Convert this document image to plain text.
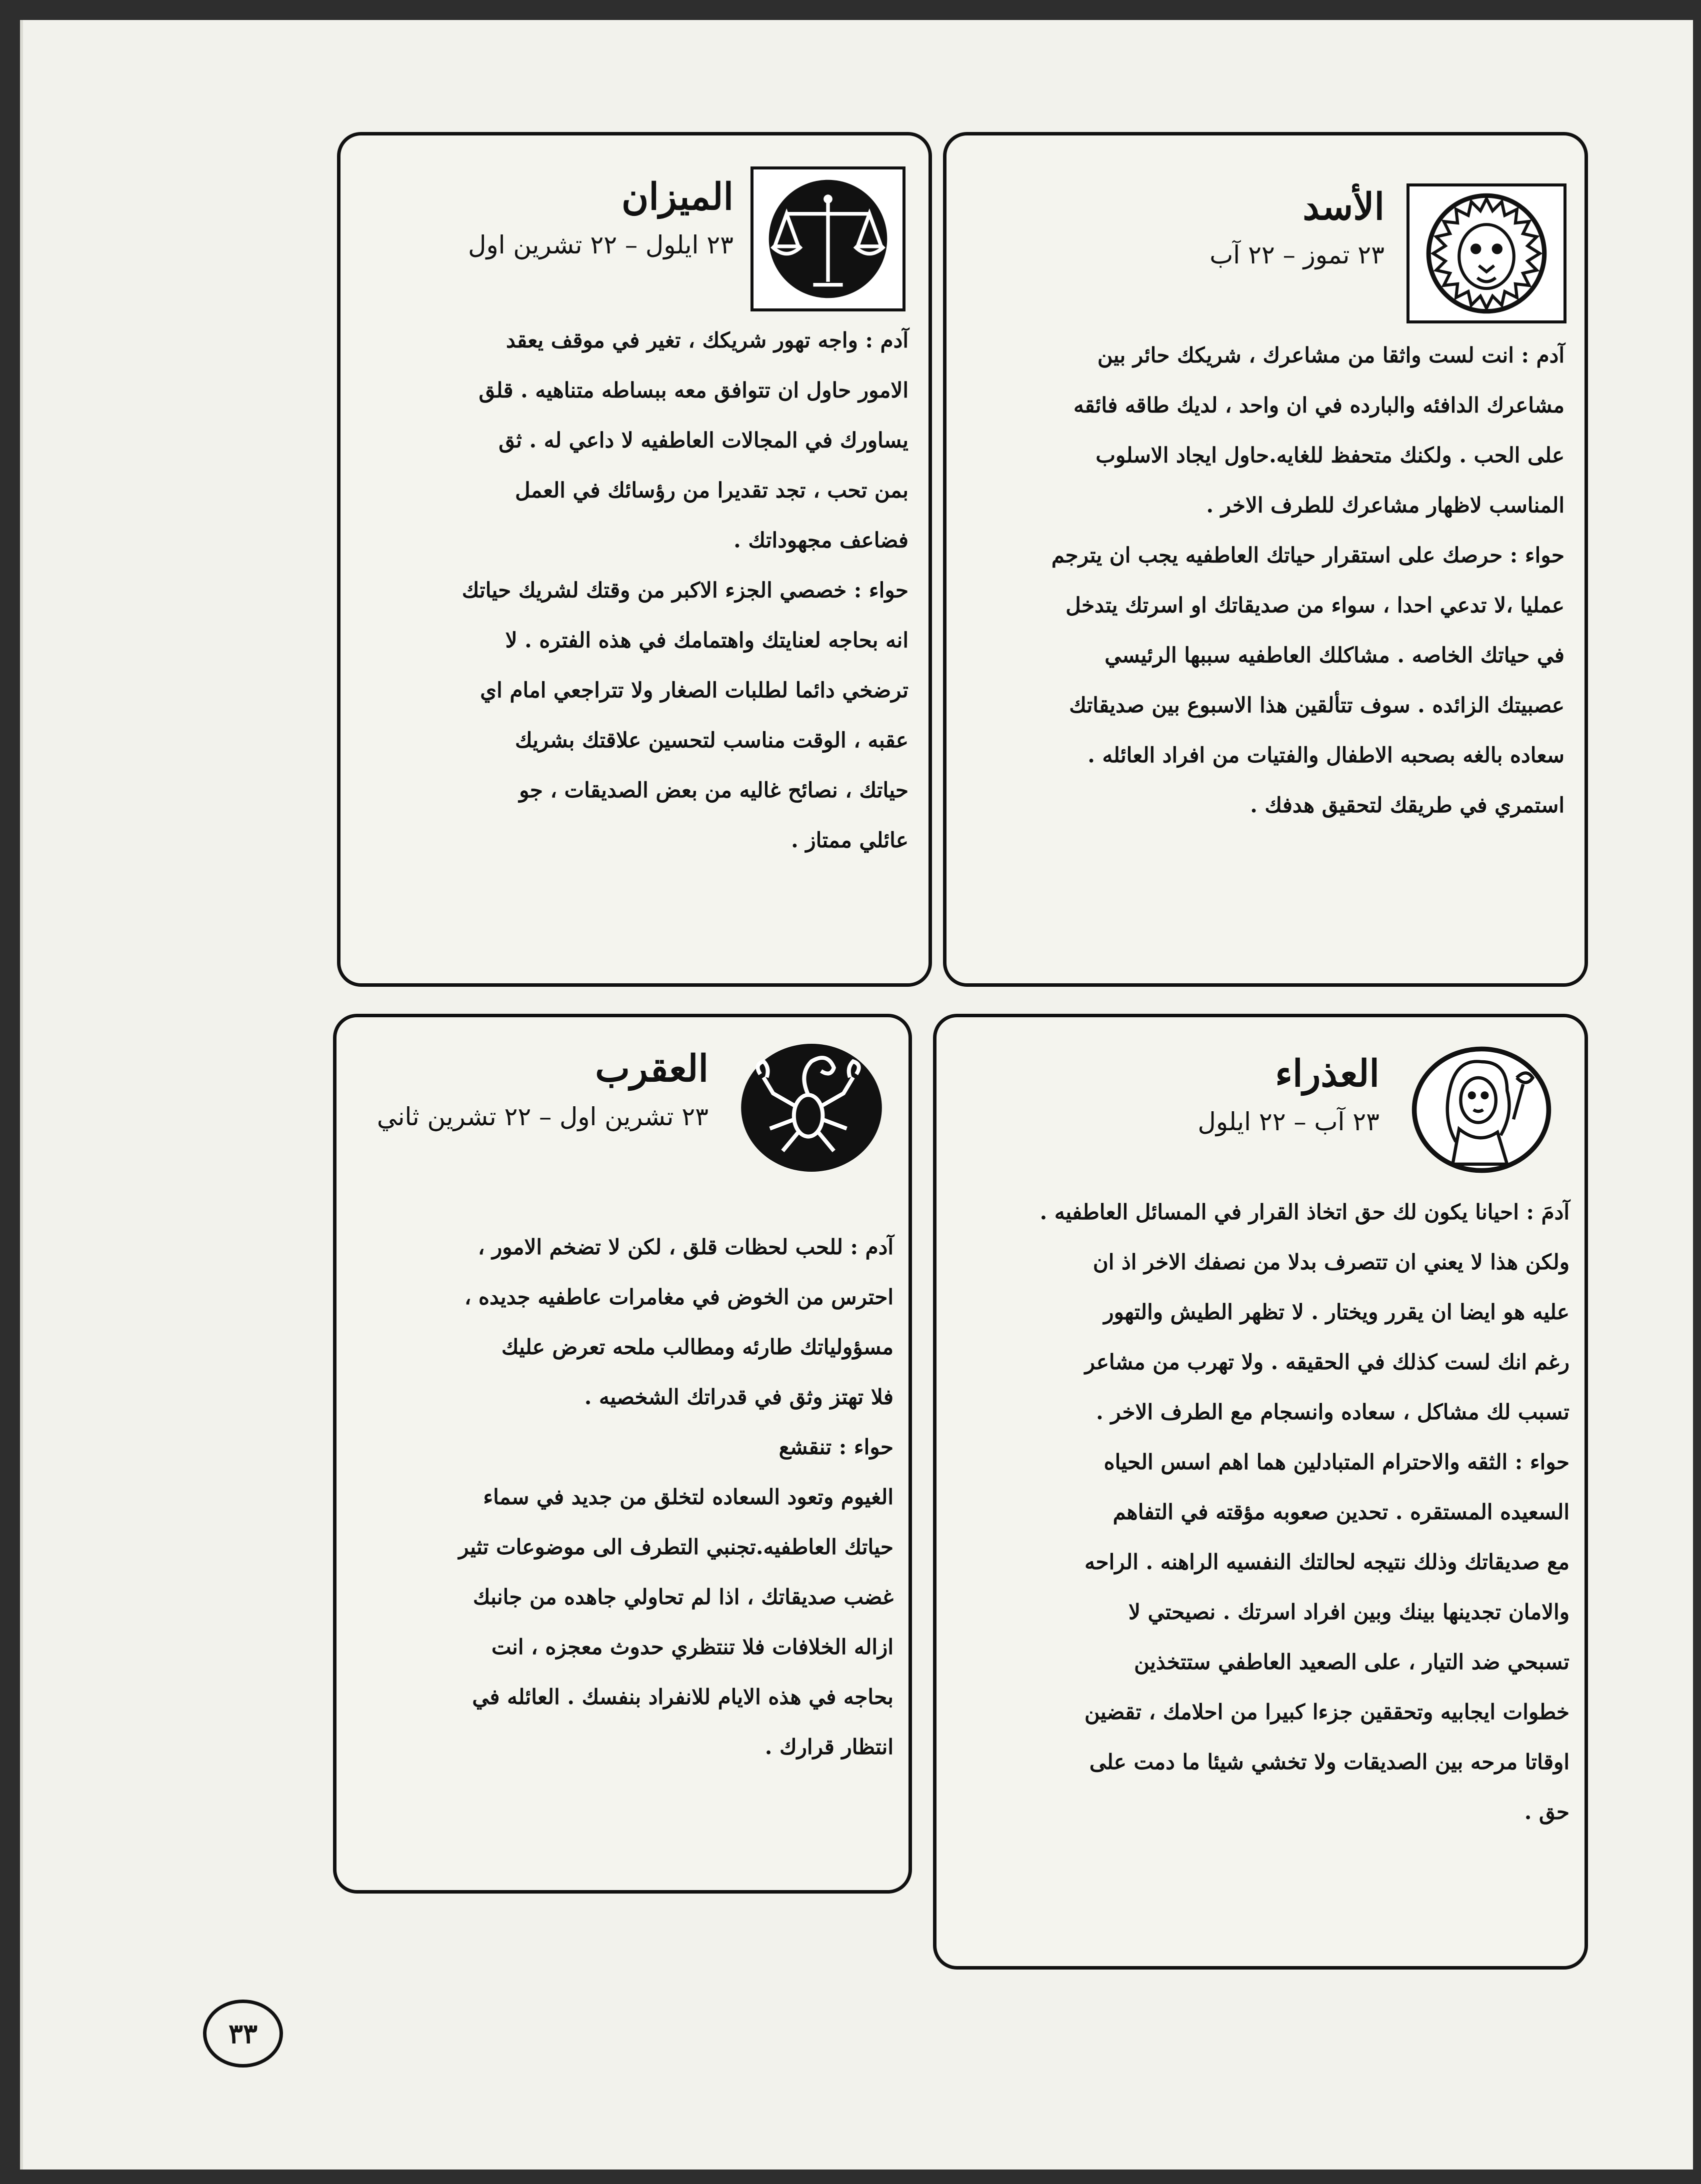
الأسد
٢٣ تموز – ٢٢ آب

آدم : انت لست واثقا من مشاعرك ، شريكك حائر بين

مشاعرك الدافئه والبارده في ان واحد ، لديك طاقه فائقه

على الحب . ولكنك متحفظ للغايه.حاول ايجاد الاسلوب

المناسب لاظهار مشاعرك للطرف الاخر .

حواء : حرصك على استقرار حياتك العاطفيه يجب ان يترجم

عمليا ،لا تدعي احدا ، سواء من صديقاتك او اسرتك يتدخل

في حياتك الخاصه . مشاكلك العاطفيه سببها الرئيسي

عصبيتك الزائده . سوف تتألقين هذا الاسبوع بين صديقاتك

سعاده بالغه بصحبه الاطفال والفتيات من افراد العائله .

استمري في طريقك لتحقيق هدفك .

الميزان
٢٣ ايلول – ٢٢ تشرين اول

آدم : واجه تهور شريكك ، تغير في موقف يعقد

الامور حاول ان تتوافق معه ببساطه متناهيه . قلق

يساورك في المجالات العاطفيه لا داعي له . ثق

بمن تحب ، تجد تقديرا من رؤسائك في العمل

فضاعف مجهوداتك .

حواء : خصصي الجزء الاكبر من وقتك لشريك حياتك

انه بحاجه لعنايتك واهتمامك في هذه الفتره . لا

ترضخي دائما لطلبات الصغار ولا تتراجعي امام اي

عقبه ، الوقت مناسب لتحسين علاقتك بشريك

حياتك ، نصائح غاليه من بعض الصديقات ، جو

عائلي ممتاز .

العذراء
٢٣ آب – ٢٢ ايلول

آدمَ : احيانا يكون لك حق اتخاذ القرار في المسائل العاطفيه .

ولكن هذا لا يعني ان تتصرف بدلا من نصفك الاخر اذ ان

عليه هو ايضا ان يقرر ويختار . لا تظهر الطيش والتهور

رغم انك لست كذلك في الحقيقه . ولا تهرب من مشاعر

تسبب لك مشاكل ، سعاده وانسجام مع الطرف الاخر .

حواء : الثقه والاحترام المتبادلين هما اهم اسس الحياه

السعيده المستقره . تحدين صعوبه مؤقته في التفاهم

مع صديقاتك وذلك نتيجه لحالتك النفسيه الراهنه . الراحه

والامان تجدينها بينك وبين افراد اسرتك . نصيحتي لا

تسبحي ضد التيار ، على الصعيد العاطفي ستتخذين

خطوات ايجابيه وتحققين جزءا كبيرا من احلامك ، تقضين

اوقاتا مرحه بين الصديقات ولا تخشي شيئا ما دمت على

حق .

العقرب
٢٣ تشرين اول – ٢٢ تشرين ثاني

آدم : للحب لحظات قلق ، لكن لا تضخم الامور ،

احترس من الخوض في مغامرات عاطفيه جديده ،

مسؤولياتك طارئه ومطالب ملحه تعرض عليك

فلا تهتز وثق في قدراتك الشخصيه .

حواء : تنقشع

الغيوم وتعود السعاده لتخلق من جديد في سماء

حياتك العاطفيه.تجنبي التطرف الى موضوعات تثير

غضب صديقاتك ، اذا لم تحاولي جاهده من جانبك

ازاله الخلافات فلا تنتظري حدوث معجزه ، انت

بحاجه في هذه الايام للانفراد بنفسك . العائله في

انتظار قرارك .

٣٣
